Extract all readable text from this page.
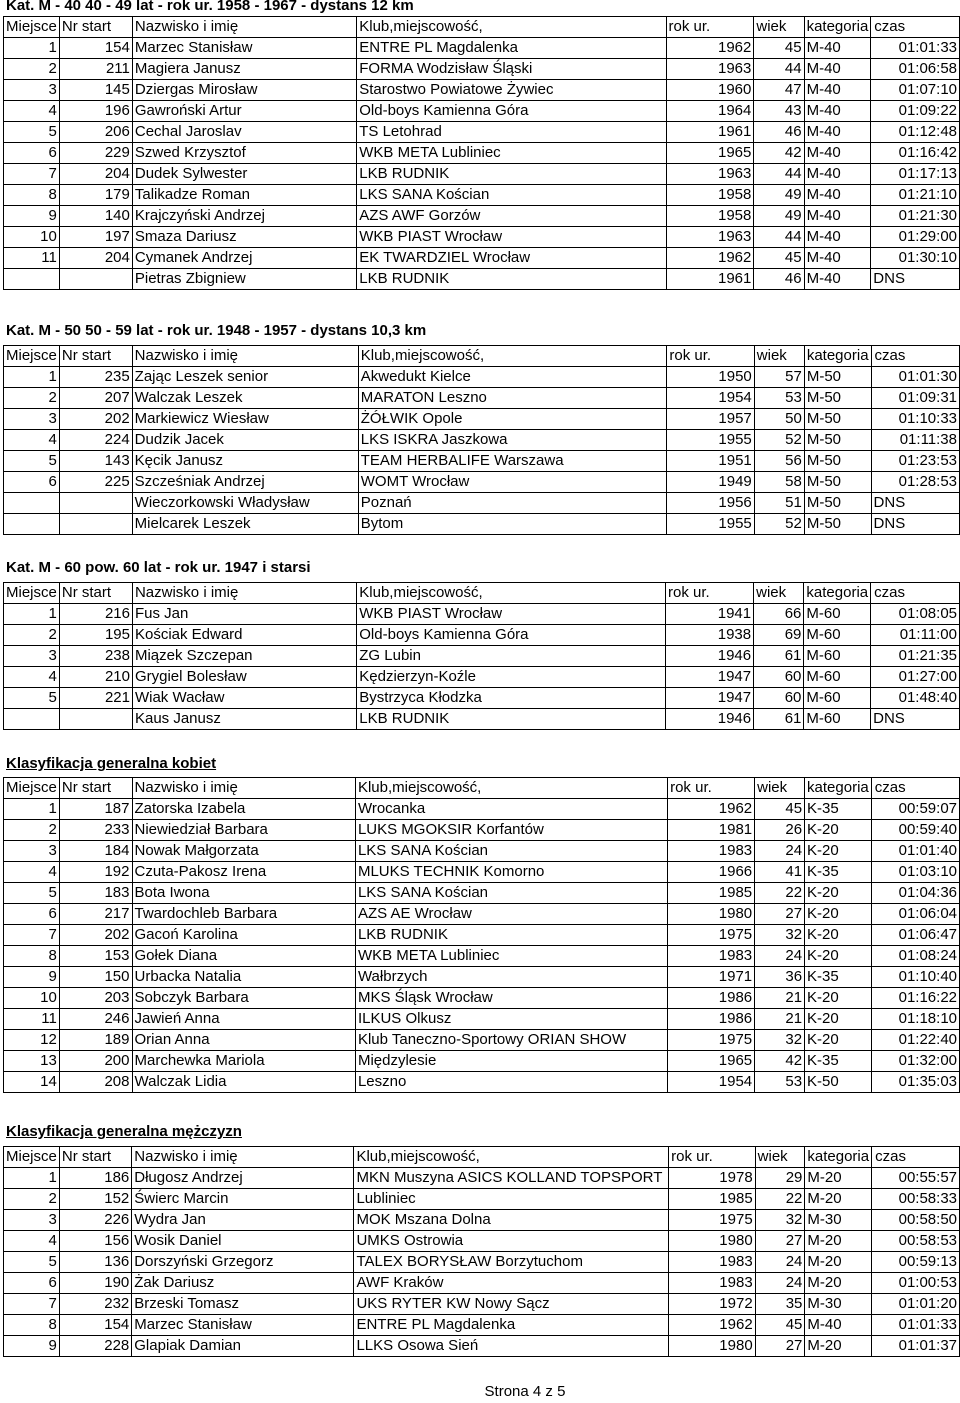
Kat. M - 40 40 - 49 lat - rok ur. 1958 - 1967 - dystans 12 km
Miejsce	Nr start	Nazwisko i imię	Klub,miejscowość,	rok ur.	wiek	kategoria	czas
1	154	Marzec Stanisław	ENTRE PL Magdalenka	1962	45	M-40	01:01:33
2	211	Magiera Janusz	FORMA Wodzisław Śląski	1963	44	M-40	01:06:58
3	145	Dziergas Mirosław	Starostwo Powiatowe Żywiec	1960	47	M-40	01:07:10
4	196	Gawroński Artur	Old-boys Kamienna Góra	1964	43	M-40	01:09:22
5	206	Cechal Jaroslav	TS Letohrad	1961	46	M-40	01:12:48
6	229	Szwed Krzysztof	WKB META Lubliniec	1965	42	M-40	01:16:42
7	204	Dudek Sylwester	LKB RUDNIK	1963	44	M-40	01:17:13
8	179	Talikadze Roman	LKS SANA Kościan	1958	49	M-40	01:21:10
9	140	Krajczyński Andrzej	AZS AWF Gorzów	1958	49	M-40	01:21:30
10	197	Smaza Dariusz	WKB PIAST Wrocław	1963	44	M-40	01:29:00
11	204	Cymanek Andrzej	EK TWARDZIEL Wrocław	1962	45	M-40	01:30:10
		Pietras Zbigniew	LKB RUDNIK	1961	46	M-40	DNS
Kat. M - 50 50 - 59 lat - rok ur. 1948 - 1957 - dystans 10,3 km
Miejsce	Nr start	Nazwisko i imię	Klub,miejscowość,	rok ur.	wiek	kategoria	czas
1	235	Zając Leszek senior	Akwedukt Kielce	1950	57	M-50	01:01:30
2	207	Walczak Leszek	MARATON Leszno	1954	53	M-50	01:09:31
3	202	Markiewicz Wiesław	ŻÓŁWIK Opole	1957	50	M-50	01:10:33
4	224	Dudzik Jacek	LKS ISKRA Jaszkowa	1955	52	M-50	01:11:38
5	143	Kęcik Janusz	TEAM HERBALIFE Warszawa	1951	56	M-50	01:23:53
6	225	Szcześniak Andrzej	WOMT Wrocław	1949	58	M-50	01:28:53
		Wieczorkowski Władysław	Poznań	1956	51	M-50	DNS
		Mielcarek Leszek	Bytom	1955	52	M-50	DNS
Kat. M - 60 pow. 60 lat - rok ur. 1947 i starsi
Miejsce	Nr start	Nazwisko i imię	Klub,miejscowość,	rok ur.	wiek	kategoria	czas
1	216	Fus Jan	WKB PIAST Wrocław	1941	66	M-60	01:08:05
2	195	Kościak Edward	Old-boys Kamienna Góra	1938	69	M-60	01:11:00
3	238	Miązek Szczepan	ZG Lubin	1946	61	M-60	01:21:35
4	210	Grygiel Bolesław	Kędzierzyn-Koźle	1947	60	M-60	01:27:00
5	221	Wiak Wacław	Bystrzyca Kłodzka	1947	60	M-60	01:48:40
		Kaus Janusz	LKB RUDNIK	1946	61	M-60	DNS
Klasyfikacja generalna kobiet
Miejsce	Nr start	Nazwisko i imię	Klub,miejscowość,	rok ur.	wiek	kategoria	czas
1	187	Zatorska Izabela	Wrocanka	1962	45	K-35	00:59:07
2	233	Niewiedział Barbara	LUKS MGOKSIR Korfantów	1981	26	K-20	00:59:40
3	184	Nowak Małgorzata	LKS SANA Kościan	1983	24	K-20	01:01:40
4	192	Czuta-Pakosz Irena	MLUKS TECHNIK Komorno	1966	41	K-35	01:03:10
5	183	Bota Iwona	LKS SANA Kościan	1985	22	K-20	01:04:36
6	217	Twardochleb Barbara	AZS AE Wrocław	1980	27	K-20	01:06:04
7	202	Gacoń Karolina	LKB RUDNIK	1975	32	K-20	01:06:47
8	153	Gołek Diana	WKB META Lubliniec	1983	24	K-20	01:08:24
9	150	Urbacka Natalia	Wałbrzych	1971	36	K-35	01:10:40
10	203	Sobczyk Barbara	MKS Śląsk Wrocław	1986	21	K-20	01:16:22
11	246	Jawień Anna	ILKUS Olkusz	1986	21	K-20	01:18:10
12	189	Orian Anna	Klub Taneczno-Sportowy ORIAN SHOW	1975	32	K-20	01:22:40
13	200	Marchewka Mariola	Międzylesie	1965	42	K-35	01:32:00
14	208	Walczak Lidia	Leszno	1954	53	K-50	01:35:03
Klasyfikacja generalna mężczyzn
Miejsce	Nr start	Nazwisko i imię	Klub,miejscowość,	rok ur.	wiek	kategoria	czas
1	186	Długosz Andrzej	MKN Muszyna ASICS KOLLAND TOPSPORT	1978	29	M-20	00:55:57
2	152	Świerc Marcin	Lubliniec	1985	22	M-20	00:58:33
3	226	Wydra Jan	MOK Mszana Dolna	1975	32	M-30	00:58:50
4	156	Wosik Daniel	UMKS Ostrowia	1980	27	M-20	00:58:53
5	136	Dorszyński Grzegorz	TALEX BORYSŁAW Borzytuchom	1983	24	M-20	00:59:13
6	190	Żak Dariusz	AWF Kraków	1983	24	M-20	01:00:53
7	232	Brzeski Tomasz	UKS RYTER KW Nowy Sącz	1972	35	M-30	01:01:20
8	154	Marzec Stanisław	ENTRE PL Magdalenka	1962	45	M-40	01:01:33
9	228	Glapiak Damian	LLKS Osowa Sień	1980	27	M-20	01:01:37
Strona 4 z 5
